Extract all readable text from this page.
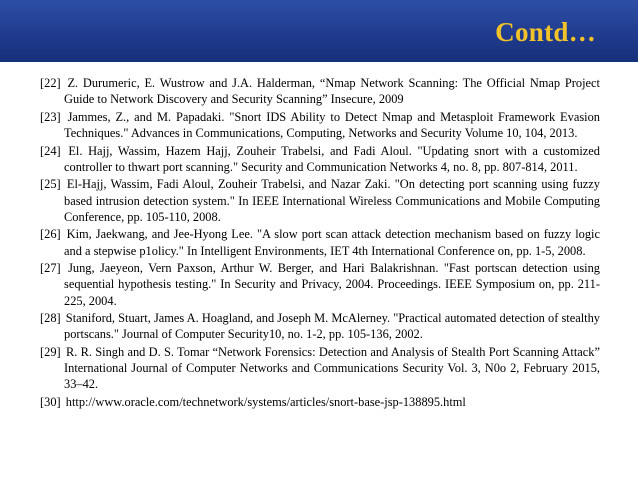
Contd…

[22] Z. Durumeric, E. Wustrow and J.A. Halderman, “Nmap Network Scanning: The Official Nmap Project Guide to Network Discovery and Security Scanning” Insecure, 2009

[23] Jammes, Z., and M. Papadaki. "Snort IDS Ability to Detect Nmap and Metasploit Framework Evasion Techniques." Advances in Communications, Computing, Networks and Security Volume 10, 104, 2013.

[24] El. Hajj, Wassim, Hazem Hajj, Zouheir Trabelsi, and Fadi Aloul. "Updating snort with a customized controller to thwart port scanning." Security and Communication Networks 4, no. 8, pp. 807-814, 2011.

[25] El-Hajj, Wassim, Fadi Aloul, Zouheir Trabelsi, and Nazar Zaki. "On detecting port scanning using fuzzy based intrusion detection system." In IEEE International Wireless Communications and Mobile Computing Conference, pp. 105-110, 2008.

[26] Kim, Jaekwang, and Jee-Hyong Lee. "A slow port scan attack detection mechanism based on fuzzy logic and a stepwise p1olicy." In Intelligent Environments, IET 4th International Conference on, pp. 1-5, 2008.

[27] Jung, Jaeyeon, Vern Paxson, Arthur W. Berger, and Hari Balakrishnan. "Fast portscan detection using sequential hypothesis testing." In Security and Privacy, 2004. Proceedings. IEEE Symposium on, pp. 211-225, 2004.

[28] Staniford, Stuart, James A. Hoagland, and Joseph M. McAlerney. "Practical automated detection of stealthy portscans." Journal of Computer Security10, no. 1-2, pp. 105-136, 2002.

[29] R. R. Singh and D. S. Tomar “Network Forensics: Detection and Analysis of Stealth Port Scanning Attack” International Journal of Computer Networks and Communications Security Vol. 3, N0o 2, February 2015, 33–42.

[30] http://www.oracle.com/technetwork/systems/articles/snort-base-jsp-138895.html
